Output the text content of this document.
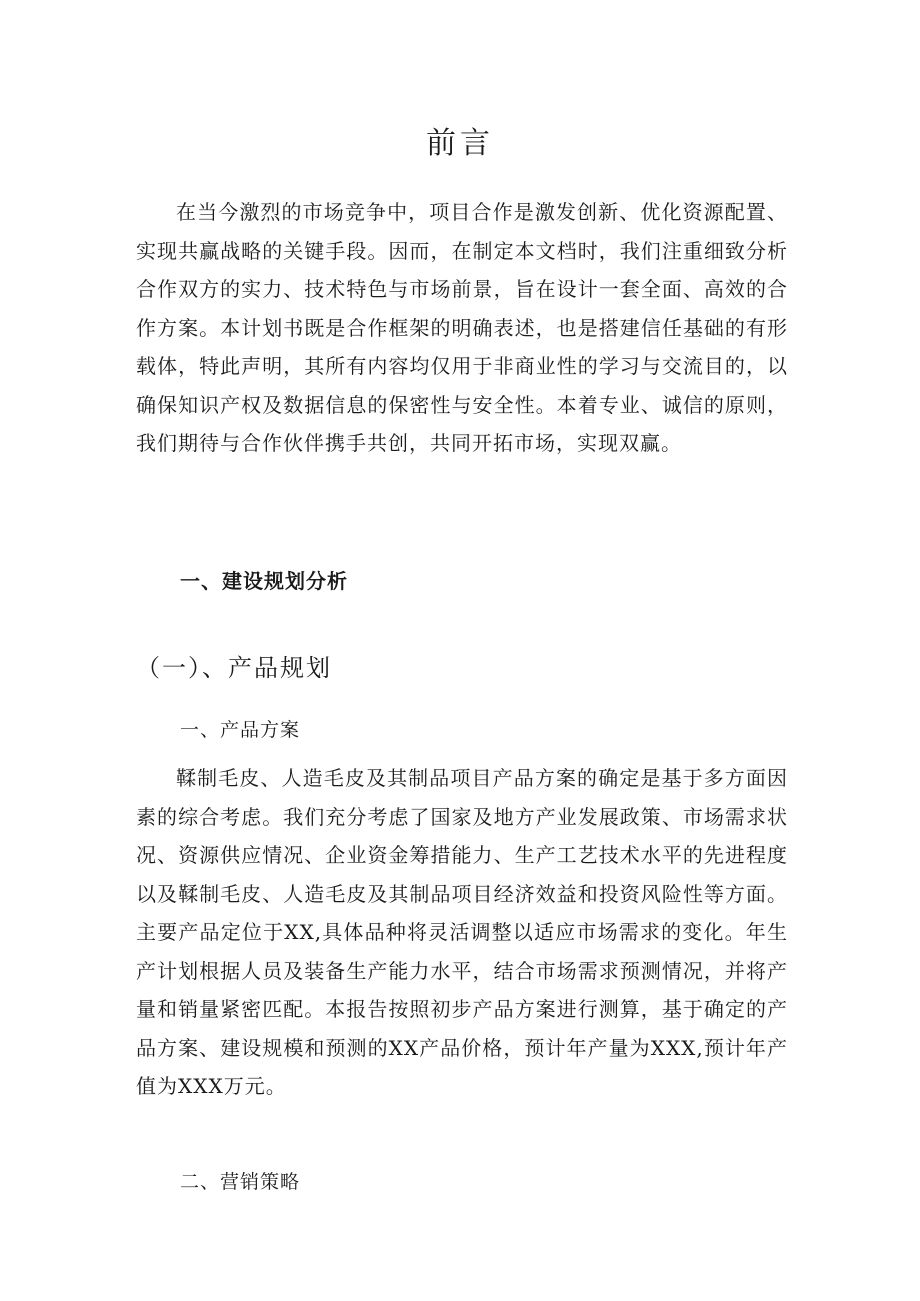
前言

在当今激烈的市场竞争中，项目合作是激发创新、优化资源配置、实现共赢战略的关键手段。因而，在制定本文档时，我们注重细致分析合作双方的实力、技术特色与市场前景，旨在设计一套全面、高效的合作方案。本计划书既是合作框架的明确表述，也是搭建信任基础的有形载体，特此声明，其所有内容均仅用于非商业性的学习与交流目的，以确保知识产权及数据信息的保密性与安全性。本着专业、诚信的原则，我们期待与合作伙伴携手共创，共同开拓市场，实现双赢。

一、建设规划分析
（一）、产品规划
一、产品方案

鞣制毛皮、人造毛皮及其制品项目产品方案的确定是基于多方面因素的综合考虑。我们充分考虑了国家及地方产业发展政策、市场需求状况、资源供应情况、企业资金筹措能力、生产工艺技术水平的先进程度以及鞣制毛皮、人造毛皮及其制品项目经济效益和投资风险性等方面。主要产品定位于XX,具体品种将灵活调整以适应市场需求的变化。年生产计划根据人员及装备生产能力水平，结合市场需求预测情况，并将产量和销量紧密匹配。本报告按照初步产品方案进行测算，基于确定的产品方案、建设规模和预测的XX产品价格，预计年产量为XXX,预计年产值为XXX万元。

二、营销策略
